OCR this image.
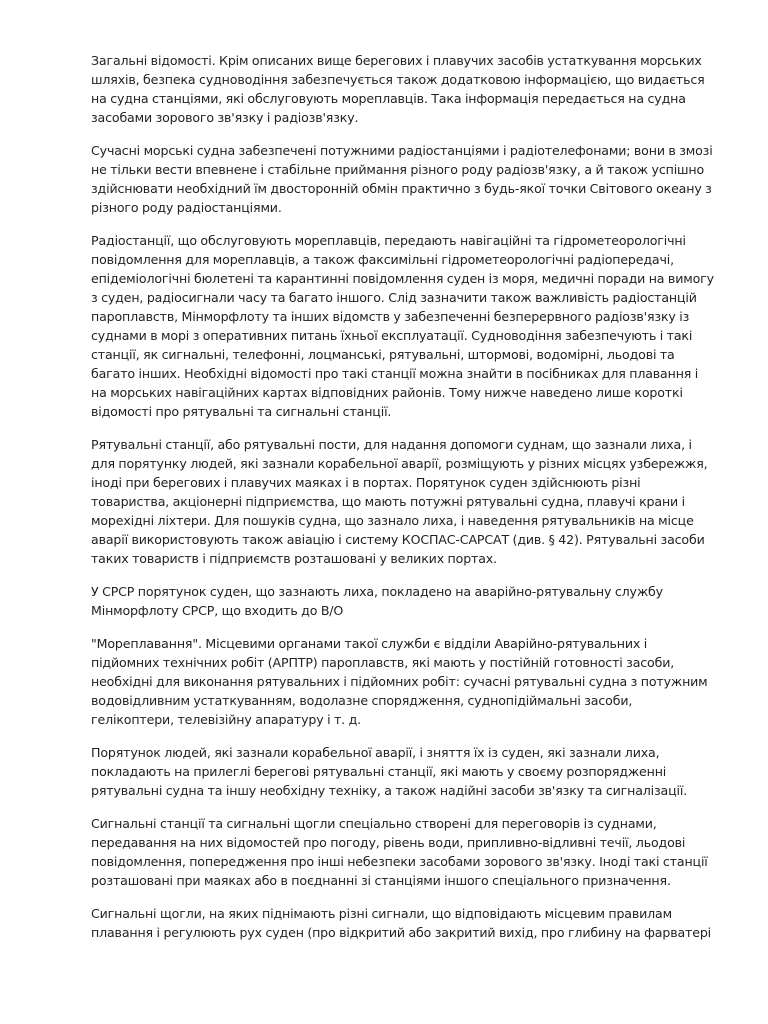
Загальні відомості. Крім описаних вище берегових і плавучих засобів устаткування морських шляхів, безпека судноводіння забезпечується також додатковою інформацією, що видається на судна станціями, які обслуговують мореплавців. Така інформація передається на судна засобами зорового зв'язку і радіозв'язку.

Сучасні морські судна забезпечені потужними радіостанціями і радіотелефонами; вони в змозі не тільки вести впевнене і стабільне приймання різного роду радіозв'язку, а й також успішно здійснювати необхідний їм двосторонній обмін практично з будь-якої точки Світового океану з різного роду радіостанціями.

Радіостанції, що обслуговують мореплавців, передають навігаційні та гідрометеорологічні повідомлення для мореплавців, а також факсимільні гідрометеорологічні радіопередачі, епідеміологічні бюлетені та карантинні повідомлення суден із моря, медичні поради на вимогу з суден, радіосигнали часу та багато іншого. Слід зазначити також важливість радіостанцій пароплавств, Мінморфлоту та інших відомств у забезпеченні безперервного радіозв'язку із суднами в морі з оперативних питань їхньої експлуатації. Судноводіння забезпечують і такі станції, як сигнальні, телефонні, лоцманські, рятувальні, штормові, водомірні, льодові та багато інших. Необхідні відомості про такі станції можна знайти в посібниках для плавання і на морських навігаційних картах відповідних районів. Тому нижче наведено лише короткі відомості про рятувальні та сигнальні станції.

Рятувальні станції, або рятувальні пости, для надання допомоги суднам, що зазнали лиха, і для порятунку людей, які зазнали корабельної аварії, розміщують у різних місцях узбережжя, іноді при берегових і плавучих маяках і в портах. Порятунок суден здійснюють різні товариства, акціонерні підприємства, що мають потужні рятувальні судна, плавучі крани і морехідні ліхтери. Для пошуків судна, що зазнало лиха, і наведення рятувальників на місце аварії використовують також авіацію і систему КОСПАС-САРСАТ (див. § 42). Рятувальні засоби таких товариств і підприємств розташовані у великих портах.

У СРСР порятунок суден, що зазнають лиха, покладено на аварійно-рятувальну службу Мінморфлоту СРСР, що входить до В/О

"Мореплавання". Місцевими органами такої служби є відділи Аварійно-рятувальних і підйомних технічних робіт (АРПТР) пароплавств, які мають у постійній готовності засоби, необхідні для виконання рятувальних і підйомних робіт: сучасні рятувальні судна з потужним водовідливним устаткуванням, водолазне спорядження, суднопідіймальні засоби, гелікоптери, телевізійну апаратуру і т. д.

Порятунок людей, які зазнали корабельної аварії, і зняття їх із суден, які зазнали лиха, покладають на прилеглі берегові рятувальні станції, які мають у своєму розпорядженні рятувальні судна та іншу необхідну техніку, а також надійні засоби зв'язку та сигналізації.

Сигнальні станції та сигнальні щогли спеціально створені для переговорів із суднами, передавання на них відомостей про погоду, рівень води, припливно-відливні течії, льодові повідомлення, попередження про інші небезпеки засобами зорового зв'язку. Іноді такі станції розташовані при маяках або в поєднанні зі станціями іншого спеціального призначення.

Сигнальні щогли, на яких піднімають різні сигнали, що відповідають місцевим правилам плавання і регулюють рух суден (про відкритий або закритий вихід, про глибину на фарватері
